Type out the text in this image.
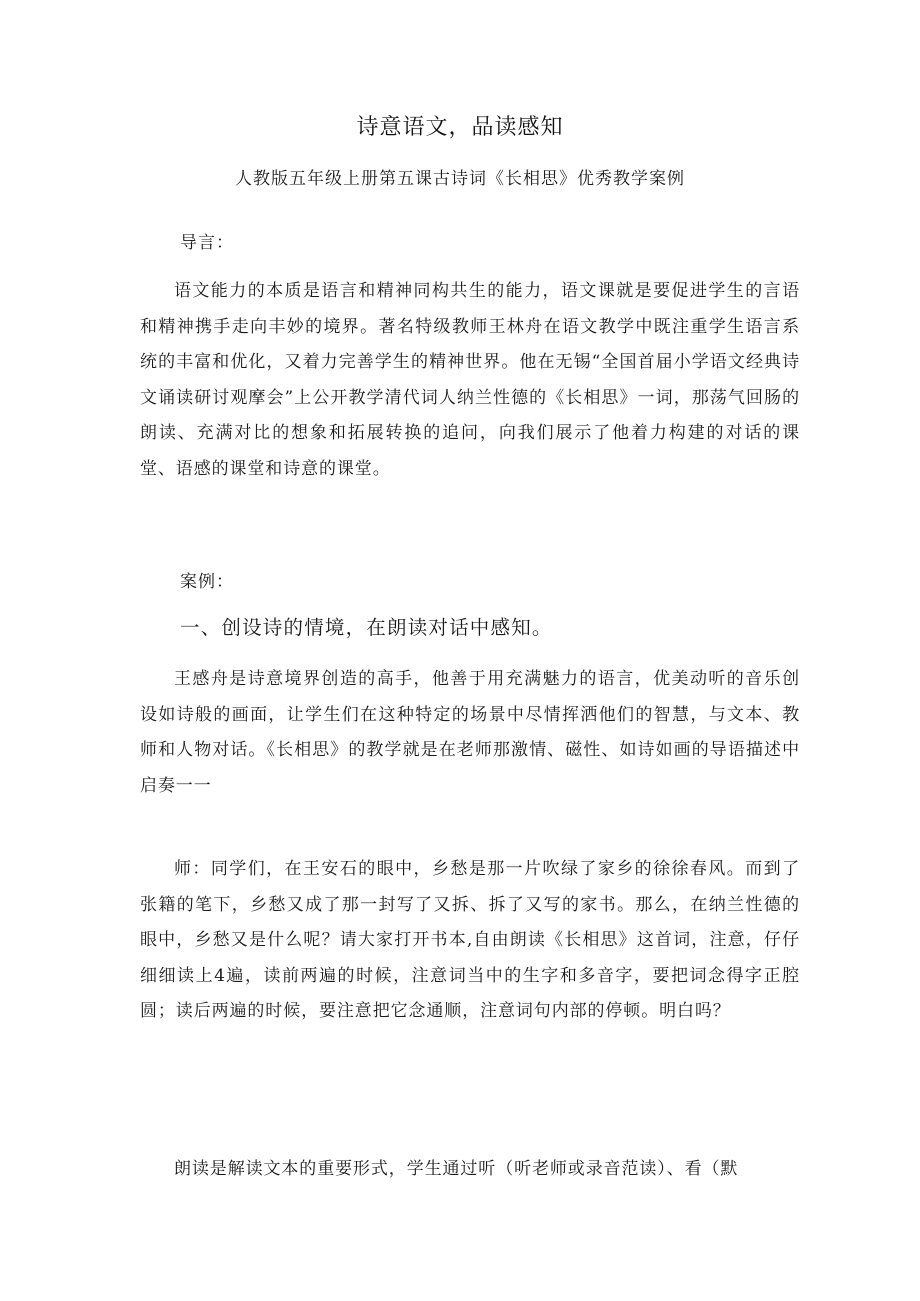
诗意语文，品读感知
人教版五年级上册第五课古诗词《长相思》优秀教学案例
导言：

语文能力的本质是语言和精神同构共生的能力，语文课就是要促进学生的言语和精神携手走向丰妙的境界。著名特级教师王林舟在语文教学中既注重学生语言系统的丰富和优化，又着力完善学生的精神世界。他在无锡“全国首届小学语文经典诗文诵读研讨观摩会”上公开教学清代词人纳兰性德的《长相思》一词，那荡气回肠的朗读、充满对比的想象和拓展转换的追问，向我们展示了他着力构建的对话的课堂、语感的课堂和诗意的课堂。

案例：
一、创设诗的情境，在朗读对话中感知。

王感舟是诗意境界创造的高手，他善于用充满魅力的语言，优美动听的音乐创设如诗般的画面，让学生们在这种特定的场景中尽情挥洒他们的智慧，与文本、教师和人物对话。《长相思》的教学就是在老师那激情、磁性、如诗如画的导语描述中启奏一一

师：同学们，在王安石的眼中，乡愁是那一片吹绿了家乡的徐徐春风。而到了张籍的笔下，乡愁又成了那一封写了又拆、拆了又写的家书。那么，在纳兰性德的眼中，乡愁又是什么呢？请大家打开书本,自由朗读《长相思》这首词，注意，仔仔细细读上4遍，读前两遍的时候，注意词当中的生字和多音字，要把词念得字正腔圆；读后两遍的时候，要注意把它念通顺，注意词句内部的停顿。明白吗？

朗读是解读文本的重要形式，学生通过听（听老师或录音范读）、看（默
